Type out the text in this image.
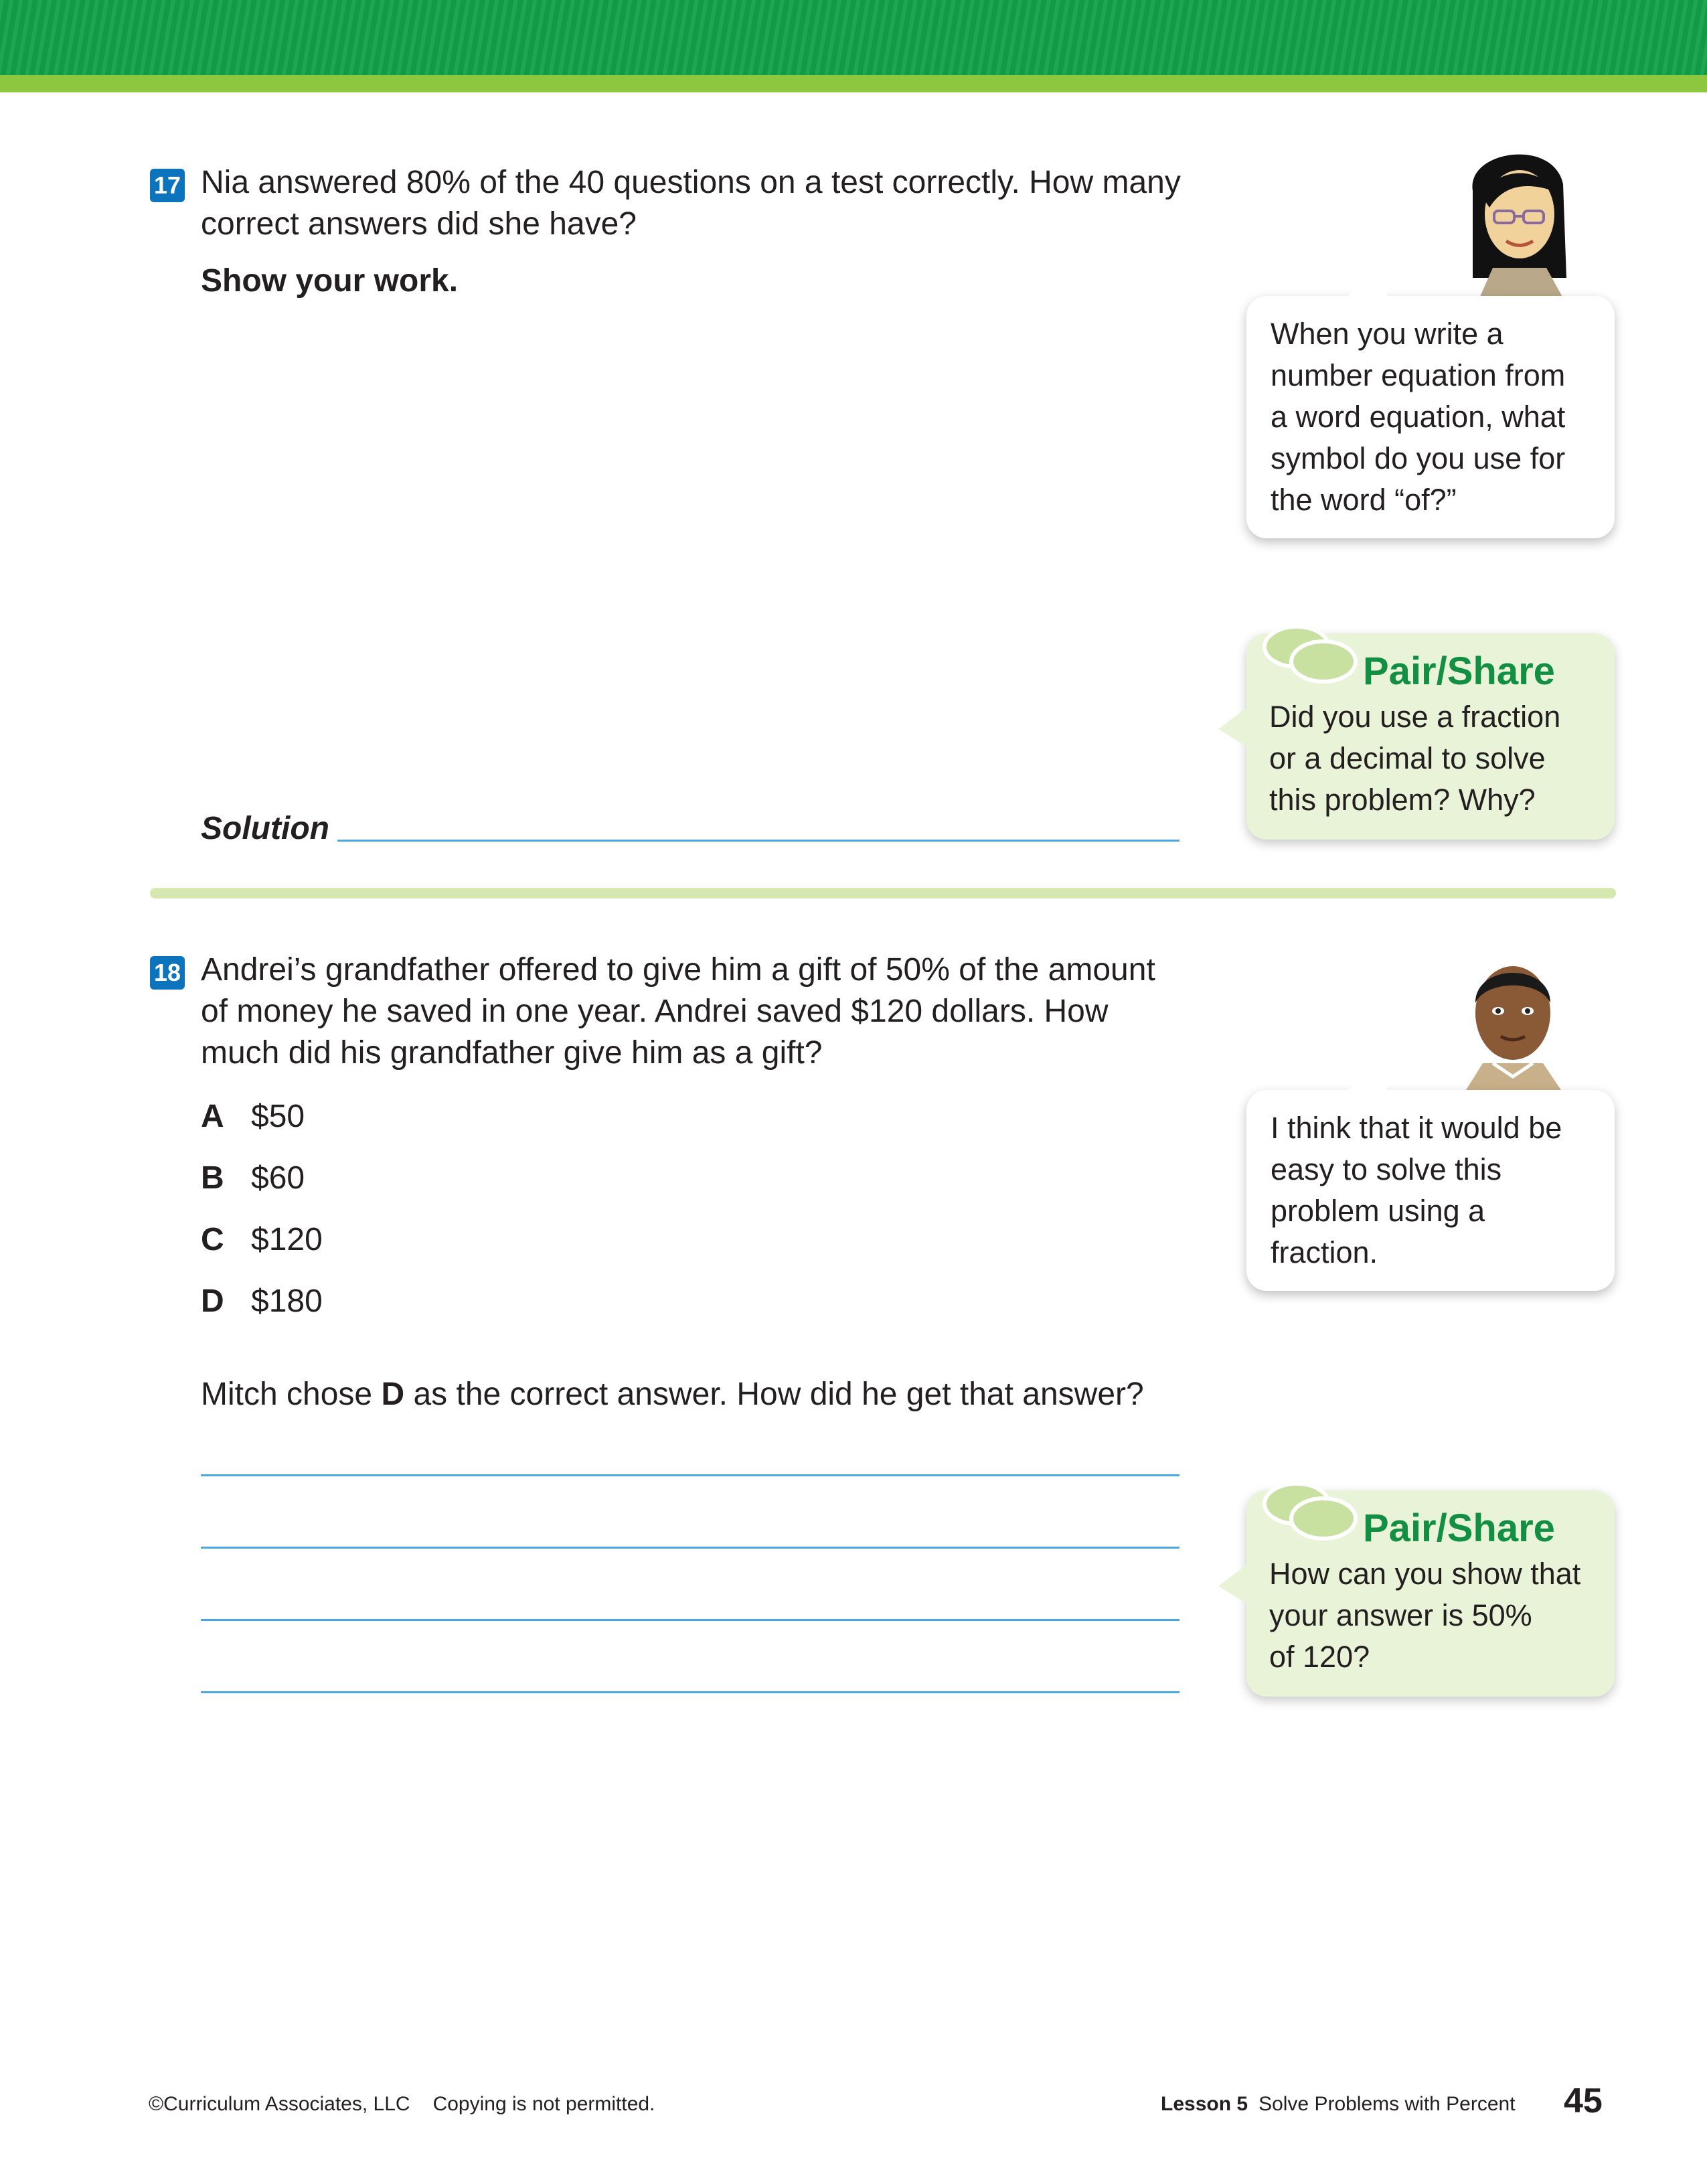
17 Nia answered 80% of the 40 questions on a test correctly. How many
correct answers did she have?
Show your work.
Solution
When you write a
number equation from
a word equation, what
symbol do you use for
the word “of?”
Pair/Share
Did you use a fraction
or a decimal to solve
this problem? Why?
18 Andrei’s grandfather offered to give him a gift of 50% of the amount
of money he saved in one year. Andrei saved $120 dollars. How
much did his grandfather give him as a gift?
A $50
B $60
C $120
D $180
Mitch chose D as the correct answer. How did he get that answer?
I think that it would be
easy to solve this
problem using a
fraction.
Pair/Share
How can you show that
your answer is 50%
of 120?
©Curriculum Associates, LLC Copying is not permitted.	Lesson 5 Solve Problems with Percent 45
